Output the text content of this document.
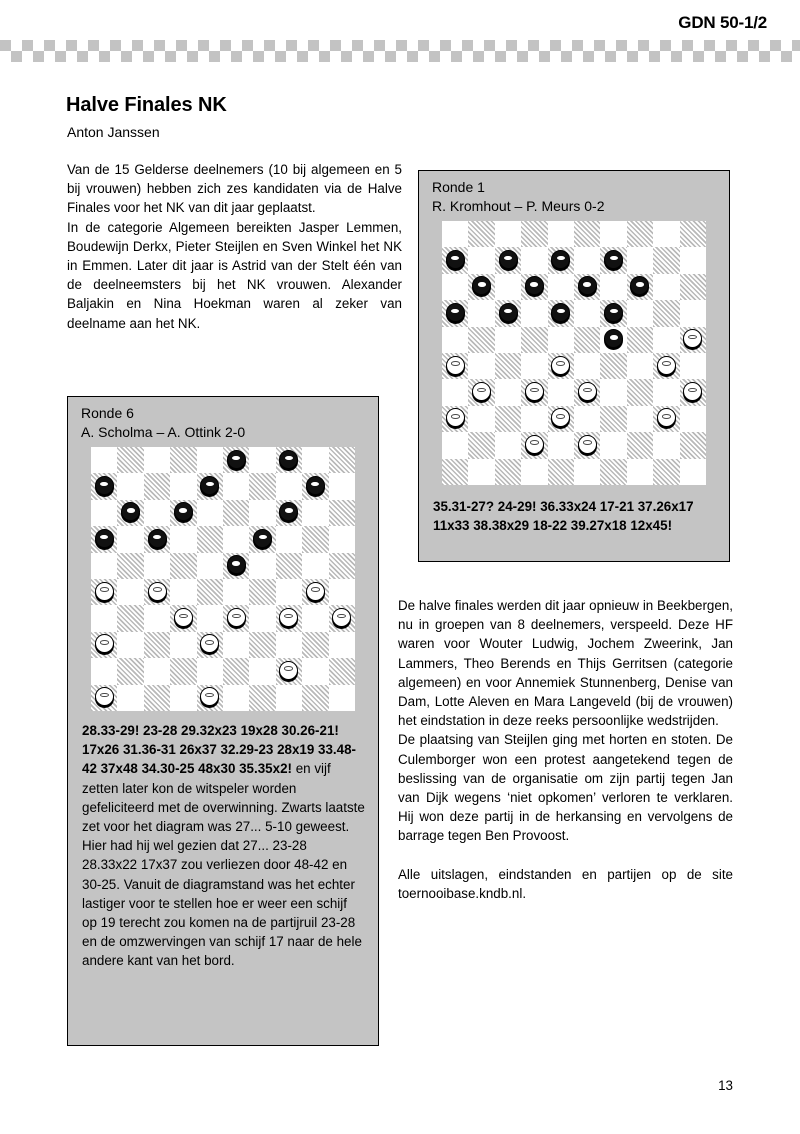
GDN 50-1/2
Halve Finales NK
Anton Janssen

Van de 15 Gelderse deelnemers (10 bij algemeen en 5 bij vrouwen) hebben zich zes kandidaten via de Halve Finales voor het NK van dit jaar geplaatst.

In de categorie Algemeen bereikten Jasper Lemmen, Boudewijn Derkx, Pieter Steijlen en Sven Winkel het NK in Emmen. Later dit jaar is Astrid van der Stelt één van de deelneemsters bij het NK vrouwen. Alexander Baljakin en Nina Hoekman waren al zeker van deelname aan het NK.

Ronde 6
A. Scholma – A. Ottink 2-0
28.33-29! 23-28 29.32x23 19x28 30.26-21! 17x26 31.36-31 26x37 32.29-23 28x19 33.48-42 37x48 34.30-25 48x30 35.35x2! en vijf zetten later kon de witspeler worden gefeliciteerd met de overwinning. Zwarts laatste zet voor het diagram was 27... 5-10 geweest. Hier had hij wel gezien dat 27... 23-28 28.33x22 17x37 zou verliezen door 48-42 en 30-25. Vanuit de diagramstand was het echter lastiger voor te stellen hoe er weer een schijf op 19 terecht zou komen na de partijruil 23-28 en de omzwervingen van schijf 17 naar de hele andere kant van het bord.
Ronde 1
R. Kromhout – P. Meurs 0-2
35.31-27? 24-29! 36.33x24 17-21 37.26x17 11x33 38.38x29 18-22 39.27x18 12x45!

De halve finales werden dit jaar opnieuw in Beekbergen, nu in groepen van 8 deelnemers, verspeeld. Deze HF waren voor Wouter Ludwig, Jochem Zweerink, Jan Lammers, Theo Berends en Thijs Gerritsen (categorie algemeen) en voor Annemiek Stunnenberg, Denise van Dam, Lotte Aleven en Mara Langeveld (bij de vrouwen) het eindstation in deze reeks persoonlijke wedstrijden.

De plaatsing van Steijlen ging met horten en stoten. De Culemborger won een protest aangetekend tegen de beslissing van de organisatie om zijn partij tegen Jan van Dijk wegens ‘niet opkomen’ verloren te verklaren. Hij won deze partij in de herkansing en vervolgens de barrage tegen Ben Provoost.

Alle uitslagen, eindstanden en partijen op de site toernooibase.kndb.nl.

13
